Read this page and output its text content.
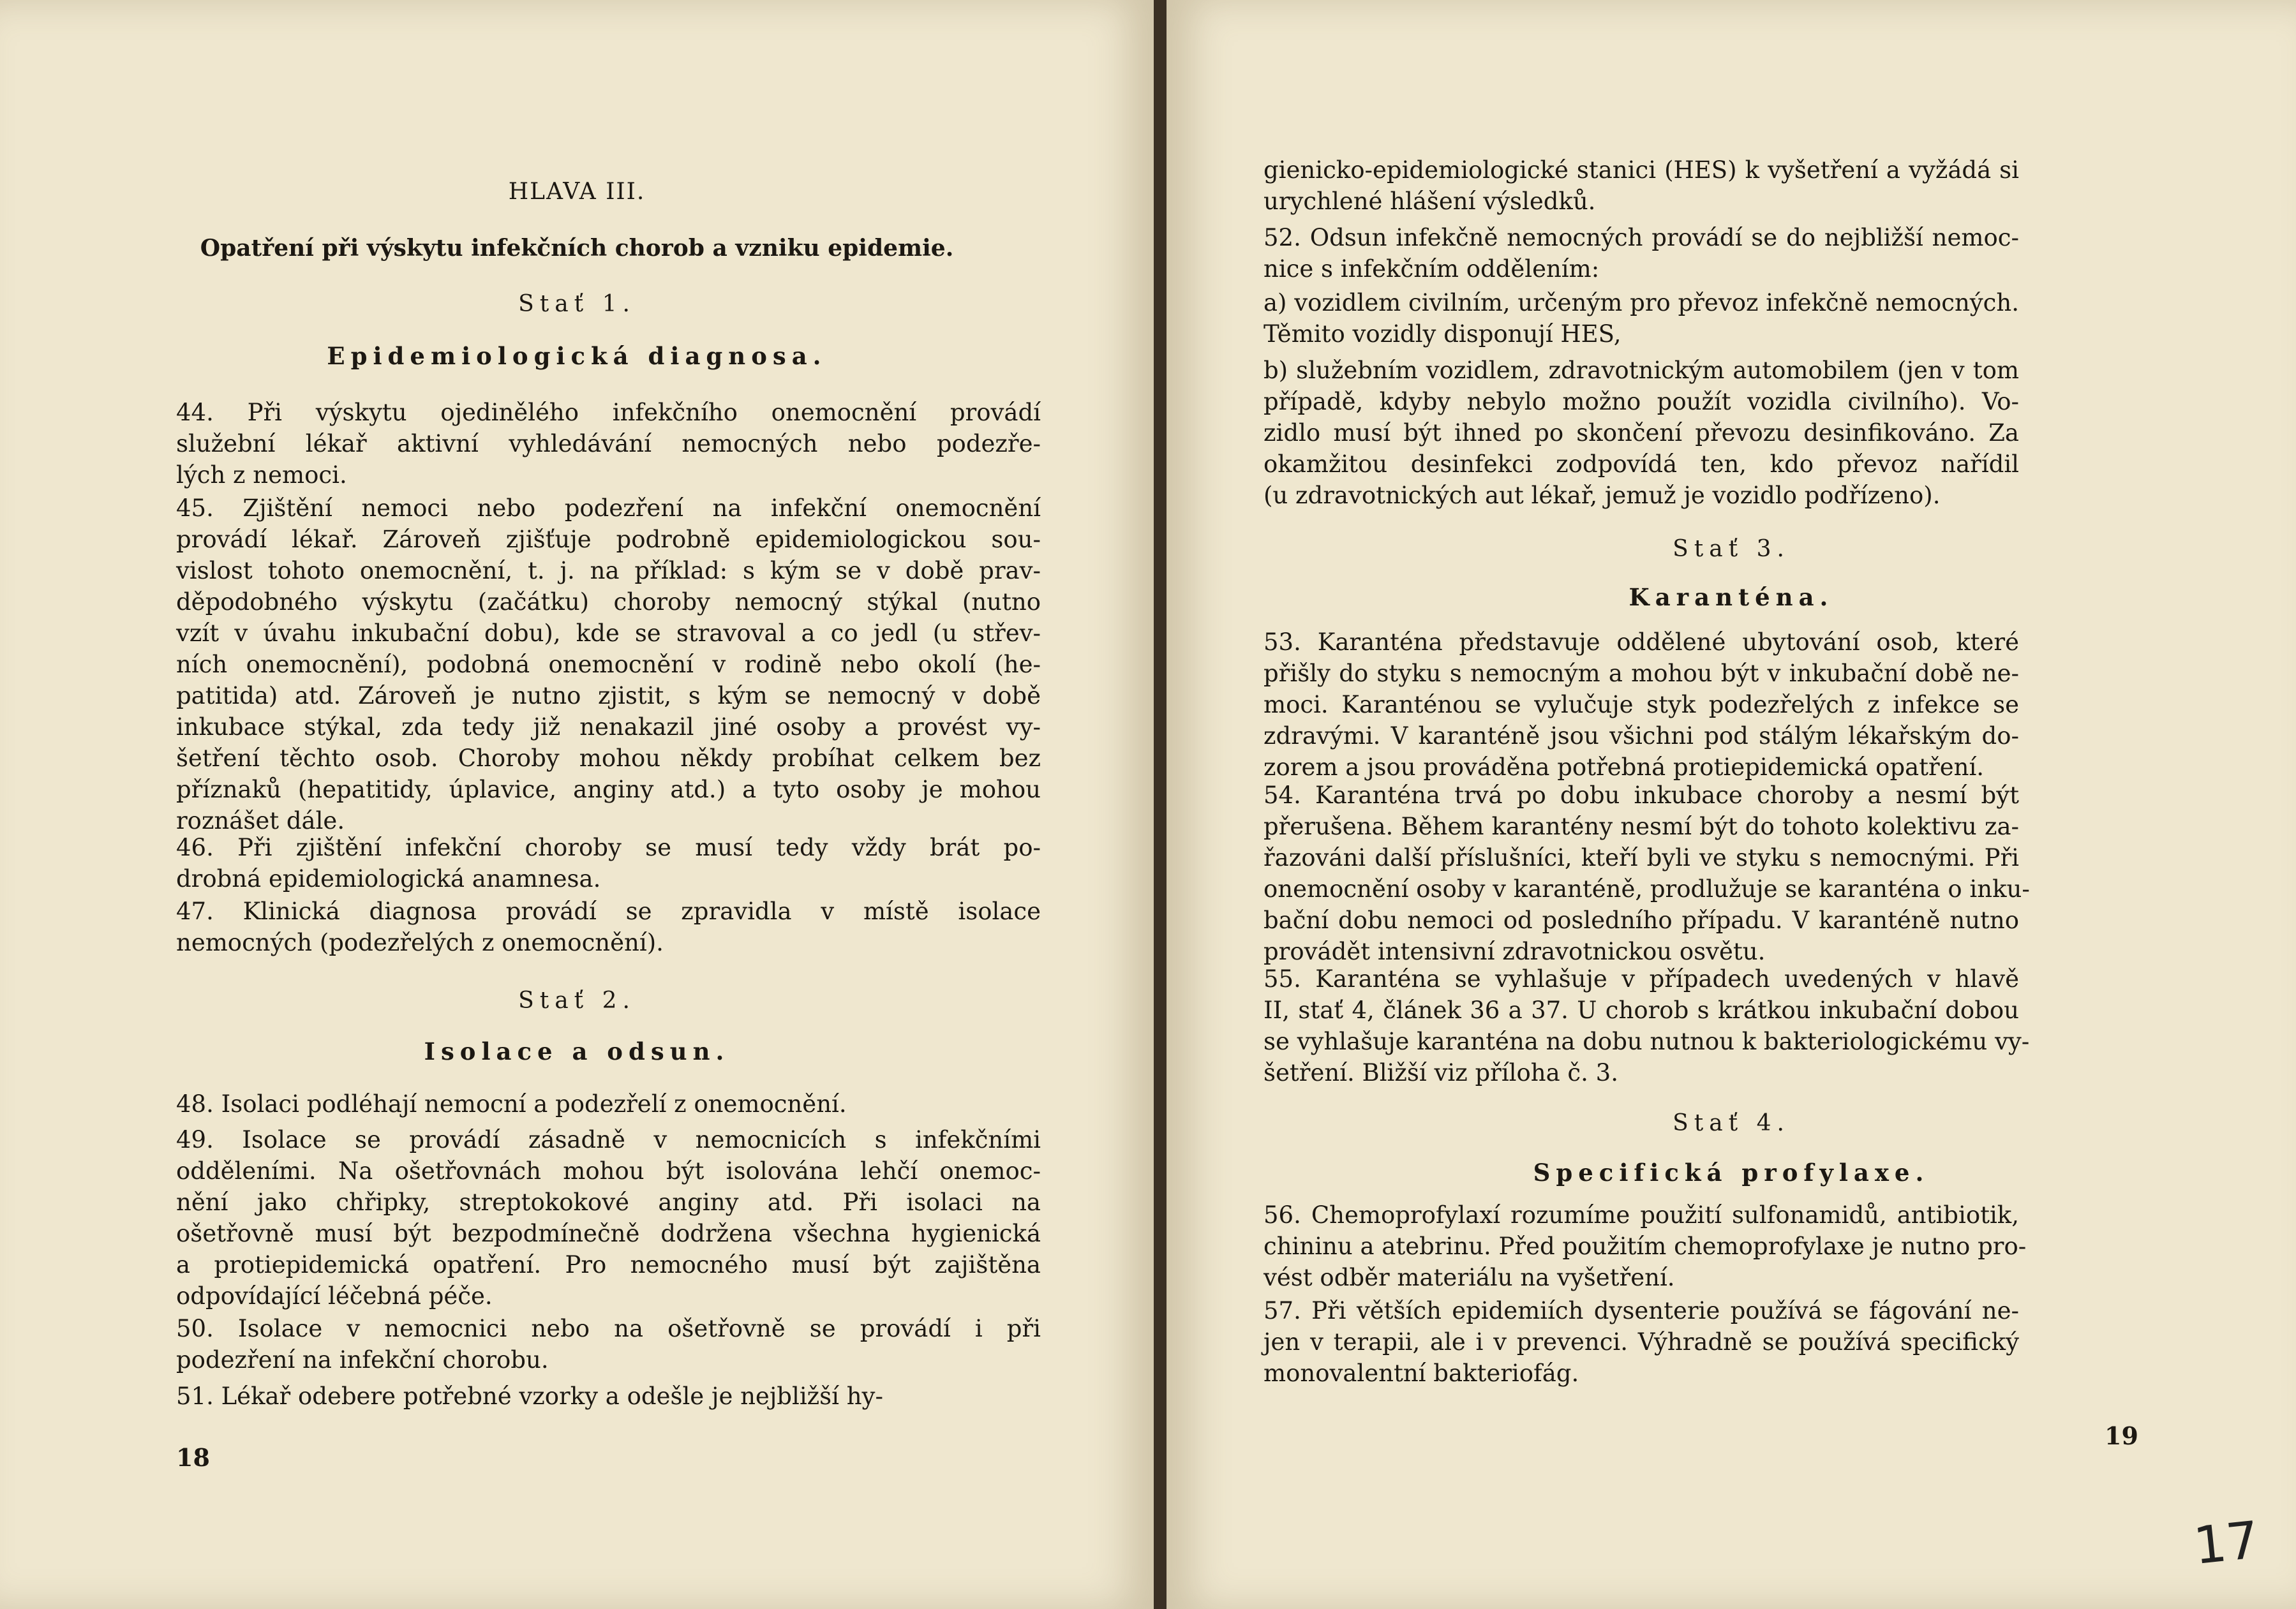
HLAVA III.
Opatření při výskytu infekčních chorob a vzniku epidemie.
Stať 1.
Epidemiologická diagnosa.
44. Při výskytu ojedinělého infekčního onemocnění provádí
služební lékař aktivní vyhledávání nemocných nebo podezře-
lých z nemoci.
45. Zjištění nemoci nebo podezření na infekční onemocnění
provádí lékař. Zároveň zjišťuje podrobně epidemiologickou sou-
vislost tohoto onemocnění, t. j. na příklad: s kým se v době prav-
děpodobného výskytu (začátku) choroby nemocný stýkal (nutno
vzít v úvahu inkubační dobu), kde se stravoval a co jedl (u střev-
ních onemocnění), podobná onemocnění v rodině nebo okolí (he-
patitida) atd. Zároveň je nutno zjistit, s kým se nemocný v době
inkubace stýkal, zda tedy již nenakazil jiné osoby a provést vy-
šetření těchto osob. Choroby mohou někdy probíhat celkem bez
příznaků (hepatitidy, úplavice, anginy atd.) a tyto osoby je mohou
roznášet dále.
46. Při zjištění infekční choroby se musí tedy vždy brát po-
drobná epidemiologická anamnesa.
47. Klinická diagnosa provádí se zpravidla v místě isolace
nemocných (podezřelých z onemocnění).
Stať 2.
Isolace a odsun.
48. Isolaci podléhají nemocní a podezřelí z onemocnění.
49. Isolace se provádí zásadně v nemocnicích s infekčními
odděleními. Na ošetřovnách mohou být isolována lehčí onemoc-
nění jako chřipky, streptokokové anginy atd. Při isolaci na
ošetřovně musí být bezpodmínečně dodržena všechna hygienická
a protiepidemická opatření. Pro nemocného musí být zajištěna
odpovídající léčebná péče.
50. Isolace v nemocnici nebo na ošetřovně se provádí i při
podezření na infekční chorobu.
51. Lékař odebere potřebné vzorky a odešle je nejbližší hy-
18
gienicko-epidemiologické stanici (HES) k vyšetření a vyžádá si
urychlené hlášení výsledků.
52. Odsun infekčně nemocných provádí se do nejbližší nemoc-
nice s infekčním oddělením:
a) vozidlem civilním, určeným pro převoz infekčně nemocných.
Těmito vozidly disponují HES,
b) služebním vozidlem, zdravotnickým automobilem (jen v tom
případě, kdyby nebylo možno použít vozidla civilního). Vo-
zidlo musí být ihned po skončení převozu desinfikováno. Za
okamžitou desinfekci zodpovídá ten, kdo převoz nařídil
(u zdravotnických aut lékař, jemuž je vozidlo podřízeno).
Stať 3.
Karanténa.
53. Karanténa představuje oddělené ubytování osob, které
přišly do styku s nemocným a mohou být v inkubační době ne-
moci. Karanténou se vylučuje styk podezřelých z infekce se
zdravými. V karanténě jsou všichni pod stálým lékařským do-
zorem a jsou prováděna potřebná protiepidemická opatření.
54. Karanténa trvá po dobu inkubace choroby a nesmí být
přerušena. Během karantény nesmí být do tohoto kolektivu za-
řazováni další příslušníci, kteří byli ve styku s nemocnými. Při
onemocnění osoby v karanténě, prodlužuje se karanténa o inku-
bační dobu nemoci od posledního případu. V karanténě nutno
provádět intensivní zdravotnickou osvětu.
55. Karanténa se vyhlašuje v případech uvedených v hlavě
II, stať 4, článek 36 a 37. U chorob s krátkou inkubační dobou
se vyhlašuje karanténa na dobu nutnou k bakteriologickému vy-
šetření. Bližší viz příloha č. 3.
Stať 4.
Specifická profylaxe.
56. Chemoprofylaxí rozumíme použití sulfonamidů, antibiotik,
chininu a atebrinu. Před použitím chemoprofylaxe je nutno pro-
vést odběr materiálu na vyšetření.
57. Při větších epidemiích dysenterie používá se fágování ne-
jen v terapii, ale i v prevenci. Výhradně se používá specifický
monovalentní bakteriofág.
19
17
